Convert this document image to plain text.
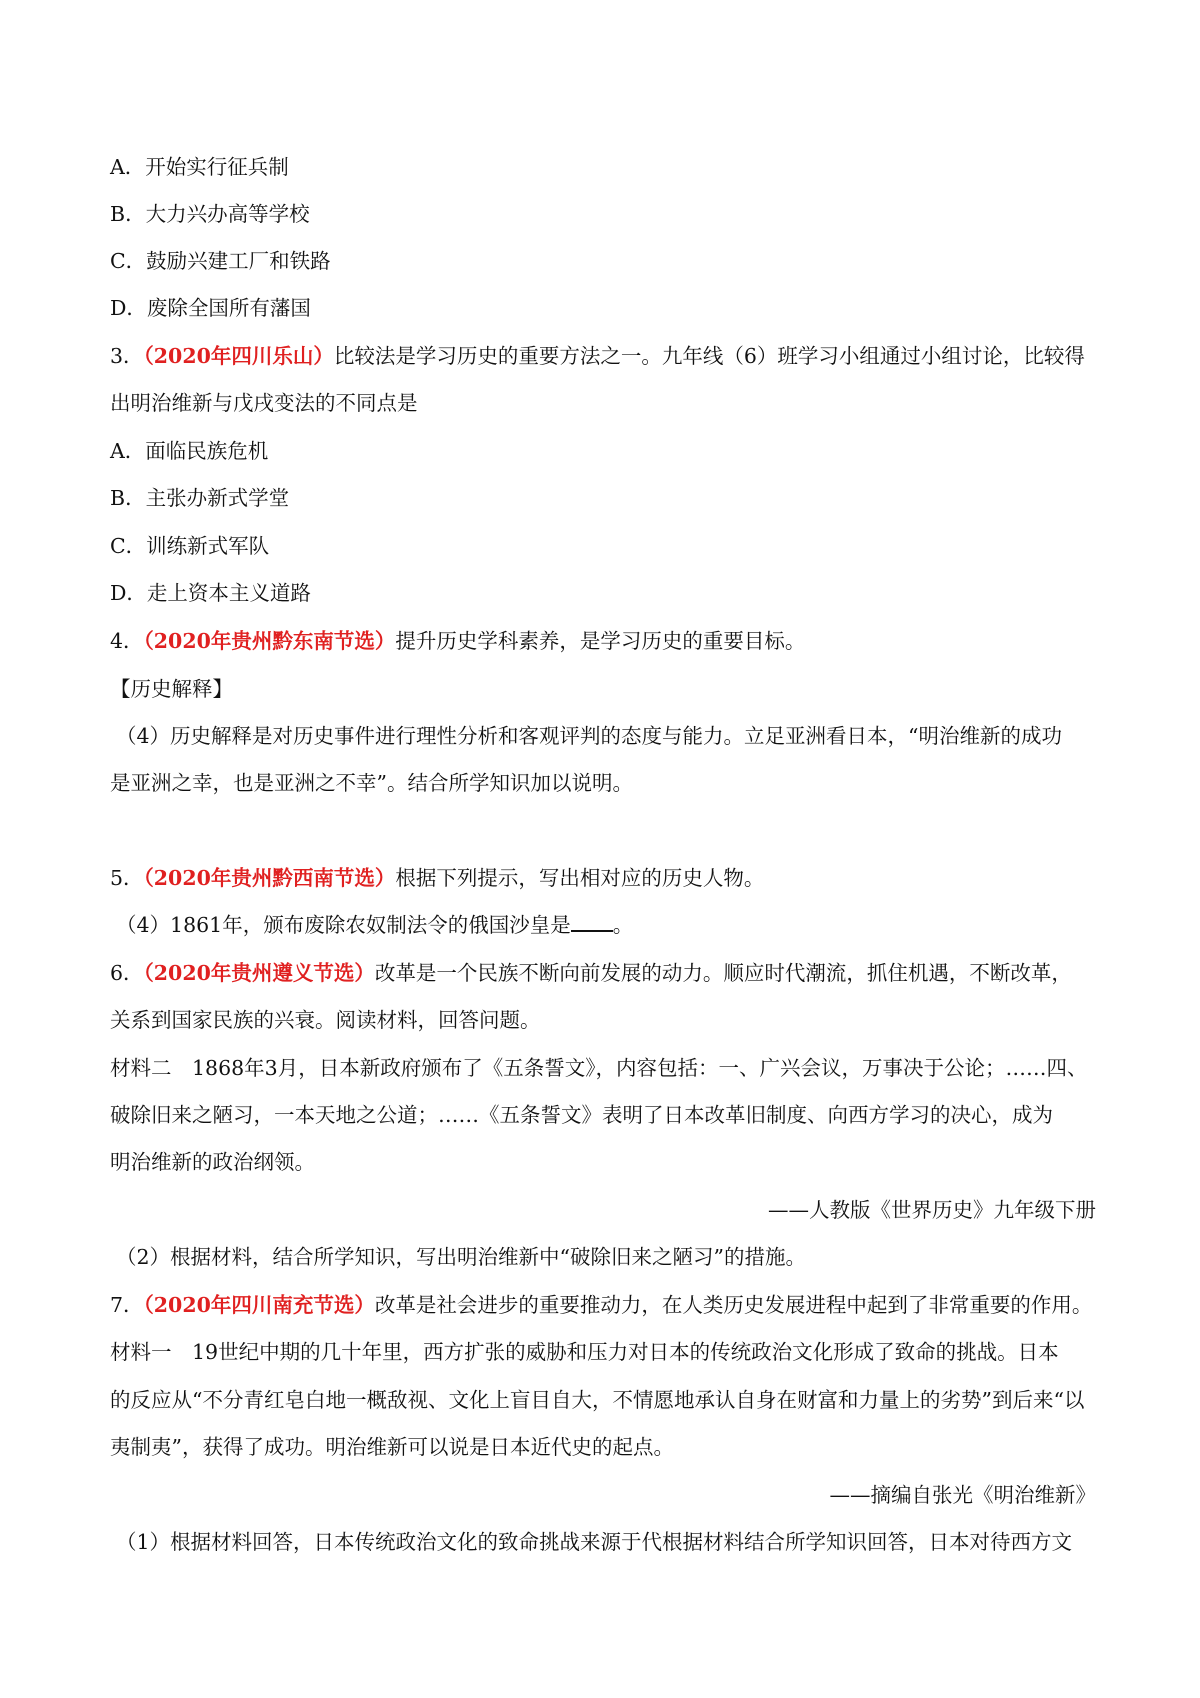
A．开始实行征兵制
B．大力兴办高等学校
C．鼓励兴建工厂和铁路
D．废除全国所有藩国
3．（2020年四川乐山）比较法是学习历史的重要方法之一。九年线（6）班学习小组通过小组讨论，比较得
出明治维新与戊戌变法的不同点是
A．面临民族危机
B．主张办新式学堂
C．训练新式军队
D．走上资本主义道路
4．（2020年贵州黔东南节选）提升历史学科素养，是学习历史的重要目标。
【历史解释】
（4）历史解释是对历史事件进行理性分析和客观评判的态度与能力。立足亚洲看日本，“明治维新的成功
是亚洲之幸，也是亚洲之不幸”。结合所学知识加以说明。
5．（2020年贵州黔西南节选）根据下列提示，写出相对应的历史人物。
（4）1861年，颁布废除农奴制法令的俄国沙皇是 。
6．（2020年贵州遵义节选）改革是一个民族不断向前发展的动力。顺应时代潮流，抓住机遇，不断改革，
关系到国家民族的兴衰。阅读材料，回答问题。
材料二　1868年3月，日本新政府颁布了《五条誓文》，内容包括：一、广兴会议，万事决于公论；……四、
破除旧来之陋习，一本天地之公道；……《五条誓文》表明了日本改革旧制度、向西方学习的决心，成为
明治维新的政治纲领。
——人教版《世界历史》九年级下册
（2）根据材料，结合所学知识，写出明治维新中“破除旧来之陋习”的措施。
7．（2020年四川南充节选）改革是社会进步的重要推动力，在人类历史发展进程中起到了非常重要的作用。
材料一　19世纪中期的几十年里，西方扩张的威胁和压力对日本的传统政治文化形成了致命的挑战。日本
的反应从“不分青红皂白地一概敌视、文化上盲目自大，不情愿地承认自身在财富和力量上的劣势”到后来“以
夷制夷”，获得了成功。明治维新可以说是日本近代史的起点。
——摘编自张光《明治维新》
（1）根据材料回答，日本传统政治文化的致命挑战来源于代根据材料结合所学知识回答，日本对待西方文
